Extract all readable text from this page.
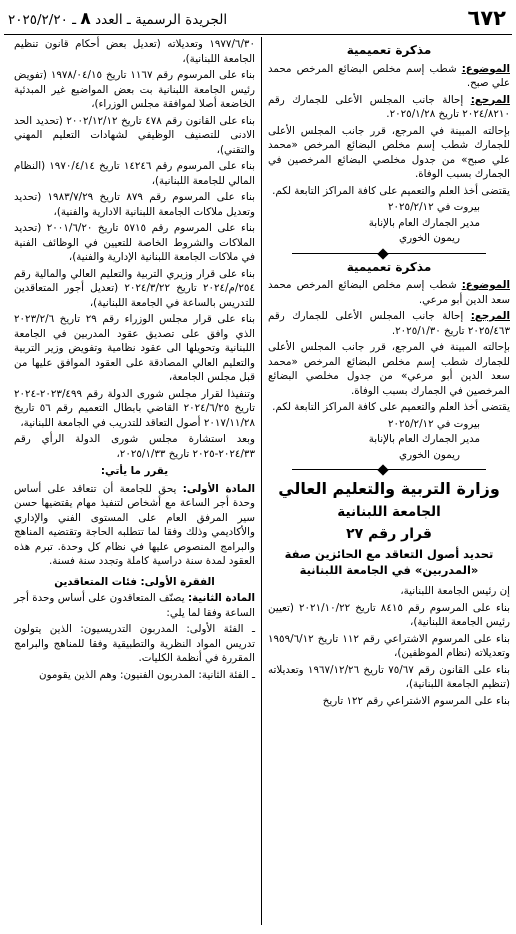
٦٧٢
الجريدة الرسمية ـ العدد ٨ ـ ٢٠٢٥/٢/٢٠
مذكرة تعميمية

الموضوع: شطب إسم مخلص البضائع المرخص محمد علي صبح.

المرجع: إحالة جانب المجلس الأعلى للجمارك رقم ٢٠٢٤/٨٢١٠ تاريخ ٢٠٢٥/١/٢٨.

بإحالته المبينة في المرجع، قرر جانب المجلس الأعلى للجمارك شطب إسم مخلص البضائع المرخص «محمد علي صبح» من جدول مخلصي البضائع المرخصين في الجمارك بسبب الوفاة.

يقتضى أخذ العلم والتعميم على كافة المراكز التابعة لكم.

بيروت في ٢٠٢٥/٢/١٢

مدير الجمارك العام بالإنابة

ريمون الخوري

مذكرة تعميمية

الموضوع: شطب إسم مخلص البضائع المرخص محمد سعد الدين أبو مرعي.

المرجع: إحالة جانب المجلس الأعلى للجمارك رقم ٢٠٢٥/٤٦٣ تاريخ ٢٠٢٥/١/٣٠.

بإحالته المبينة في المرجع، قرر جانب المجلس الأعلى للجمارك شطب إسم مخلص البضائع المرخص «محمد سعد الدين أبو مرعي» من جدول مخلصي البضائع المرخصين في الجمارك بسبب الوفاة.

يقتضى أخذ العلم والتعميم على كافة المراكز التابعة لكم.

بيروت في ٢٠٢٥/٢/١٢

مدير الجمارك العام بالإنابة

ريمون الخوري

وزارة التربية والتعليم العالي
الجامعة اللبنانية
قرار رقم ٢٧

تحديد أصول التعاقد مع الحائزين صفة

«المدربين» في الجامعة اللبنانية

إن رئيس الجامعة اللبنانية،

بناء على المرسوم رقم ٨٤١٥ تاريخ ٢٠٢١/١٠/٢٢ (تعيين رئيس الجامعة اللبنانية)،

بناء على المرسوم الاشتراعي رقم ١١٢ تاريخ ١٩٥٩/٦/١٢ وتعديلاته (نظام الموظفين)،

بناء على القانون رقم ٧٥/٦٧ تاريخ ١٩٦٧/١٢/٢٦ وتعديلاته (تنظيم الجامعة اللبنانية)،

بناء على المرسوم الاشتراعي رقم ١٢٢ تاريخ

١٩٧٧/٦/٣٠ وتعديلاته (تعديل بعض أحكام قانون تنظيم الجامعة اللبنانية)،

بناء على المرسوم رقم ١١٦٧ تاريخ ١٩٧٨/٠٤/١٥ (تفويض رئيس الجامعة اللبنانية بت بعض المواضيع غير المبدئية الخاضعة أصلا لموافقة مجلس الوزراء)،

بناء على القانون رقم ٤٧٨ تاريخ ٢٠٠٢/١٢/١٢ (تحديد الحد الادنى للتصنيف الوظيفي لشهادات التعليم المهني والتقني)،

بناء على المرسوم رقم ١٤٢٤٦ تاريخ ١٩٧٠/٤/١٤ (النظام المالي للجامعة اللبنانية)،

بناء على المرسوم رقم ٨٧٩ تاريخ ١٩٨٣/٧/٢٩ (تحديد وتعديل ملاكات الجامعة اللبنانية الادارية والفنية)،

بناء على المرسوم رقم ٥٧١٥ تاريخ ٢٠٠١/٦/٢٠ (تحديد الملاكات والشروط الخاصة للتعيين في الوظائف الفنية في ملاكات الجامعة اللبنانية الإدارية والفنية)،

بناء على قرار وزيري التربية والتعليم العالي والمالية رقم ٢٥٤/م/٢٠٢٤ تاريخ ٢٠٢٤/٣/٢٢ (تعديل أجور المتعاقدين للتدريس بالساعة في الجامعة اللبنانية)،

بناء على قرار مجلس الوزراء رقم ٢٩ تاريخ ٢٠٢٣/٢/٦ الذي وافق على تصديق عقود المدربين في الجامعة اللبنانية وتحويلها الى عقود نظامية وتفويض وزير التربية والتعليم العالي المصادقة على العقود الموافق عليها من قبل مجلس الجامعة،

وتنفيذا لقرار مجلس شورى الدولة رقم ٢٠٢٣/٤٩٩-٢٠٢٤ تاريخ ٢٠٢٤/٦/٢٥ القاضي بابطال التعميم رقم ٥٦ تاريخ ٢٠١٧/١١/٢٨ أصول التعاقد للتدريب في الجامعة اللبنانية،

وبعد استشارة مجلس شورى الدولة الرأي رقم ٢٠٢٤/٣٣-٢٠٢٥ تاريخ ٢٠٢٥/١/٣٣،

يقرر ما يأتي:

المادة الأولى: يحق للجامعة أن تتعاقد على أساس وحدة أجر الساعة مع أشخاص لتنفيذ مهام يقتضيها حسن سير المرفق العام على المستوى الفني والإداري والأكاديمي وذلك وفقا لما تتطلبه الحاجة وتقتضيه المناهج والبرامج المنصوص عليها في نظام كل وحدة. تبرم هذه العقود لمدة سنة دراسية كاملة وتجدد سنة فسنة.

الفقرة الأولى: فئات المتعاقدين

المادة الثانية: يصنّف المتعاقدون على أساس وحدة أجر الساعة وفقا لما يلي:

ـ الفئة الأولى: المدربون التدريسيون: الذين يتولون تدريس المواد النظرية والتطبيقية وفقا للمناهج والبرامج المقررة في أنظمة الكليات.

ـ الفئة الثانية: المدربون الفنيون: وهم الذين يقومون
